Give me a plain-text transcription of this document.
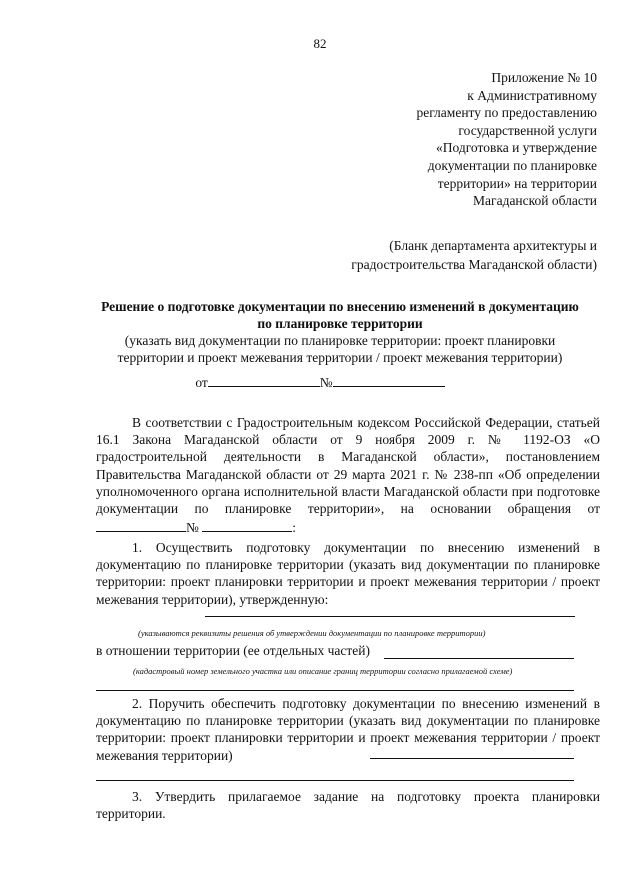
82
Приложение № 10
к Административному
регламенту по предоставлению
государственной услуги
«Подготовка и утверждение
документации по планировке
территории» на территории
Магаданской области
(Бланк департамента архитектуры и
градостроительства Магаданской области)
Решение о подготовке документации по внесению изменений в документацию
по планировке территории
(указать вид документации по планировке территории: проект планировки
территории и проект межевания территории / проект межевания территории)
от	№
В соответствии с Градостроительным кодексом Российской Федерации, статьей 16.1 Закона Магаданской области от 9 ноября 2009 г. № 1192-ОЗ «О градостроительной деятельности в Магаданской области», постановлением Правительства Магаданской области от 29 марта 2021 г. № 238-пп «Об определении уполномоченного органа исполнительной власти Магаданской области при подготовке документации по планировке территории», на основании обращения от №	:
1. Осуществить подготовку документации по внесению изменений в документацию по планировке территории (указать вид документации по планировке территории: проект планировки территории и проект межевания территории / проект межевания территории), утвержденную:
(указываются реквизиты решения об утверждении документации по планировке территории)
в отношении территории (ее отдельных частей)
(кадастровый номер земельного участка или описание границ территории согласно прилагаемой схеме)
2. Поручить обеспечить подготовку документации по внесению изменений в документацию по планировке территории (указать вид документации по планировке территории: проект планировки территории и проект межевания территории / проект межевания территории)
3. Утвердить прилагаемое задание на подготовку проекта планировки территории.
